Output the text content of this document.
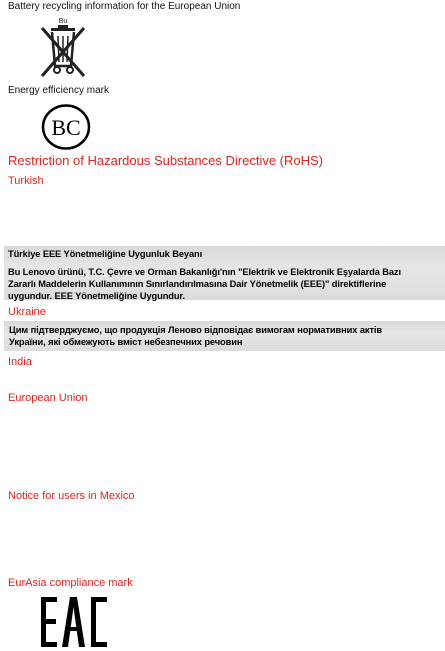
Battery recycling information for the European Union
Bu
Energy efficiency mark
BC
Restriction of Hazardous Substances Directive (RoHS)
Turkish
Türkiye EEE Yönetmeliğine Uygunluk Beyanı
Bu Lenovo ürünü, T.C. Çevre ve Orman Bakanlığı'nın "Elektrik ve Elektronik Eşyalarda Bazı
Zararlı Maddelerin Kullanımının Sınırlandırılmasına Dair Yönetmelik (EEE)" direktiflerine
uygundur. EEE Yönetmeliğine Uygundur.
Ukraine
Цим підтверджуємо, що продукція Леново відповідає вимогам нормативних актів
України, які обмежують вміст небезпечних речовин
India
European Union
Notice for users in Mexico
EurAsia compliance mark
